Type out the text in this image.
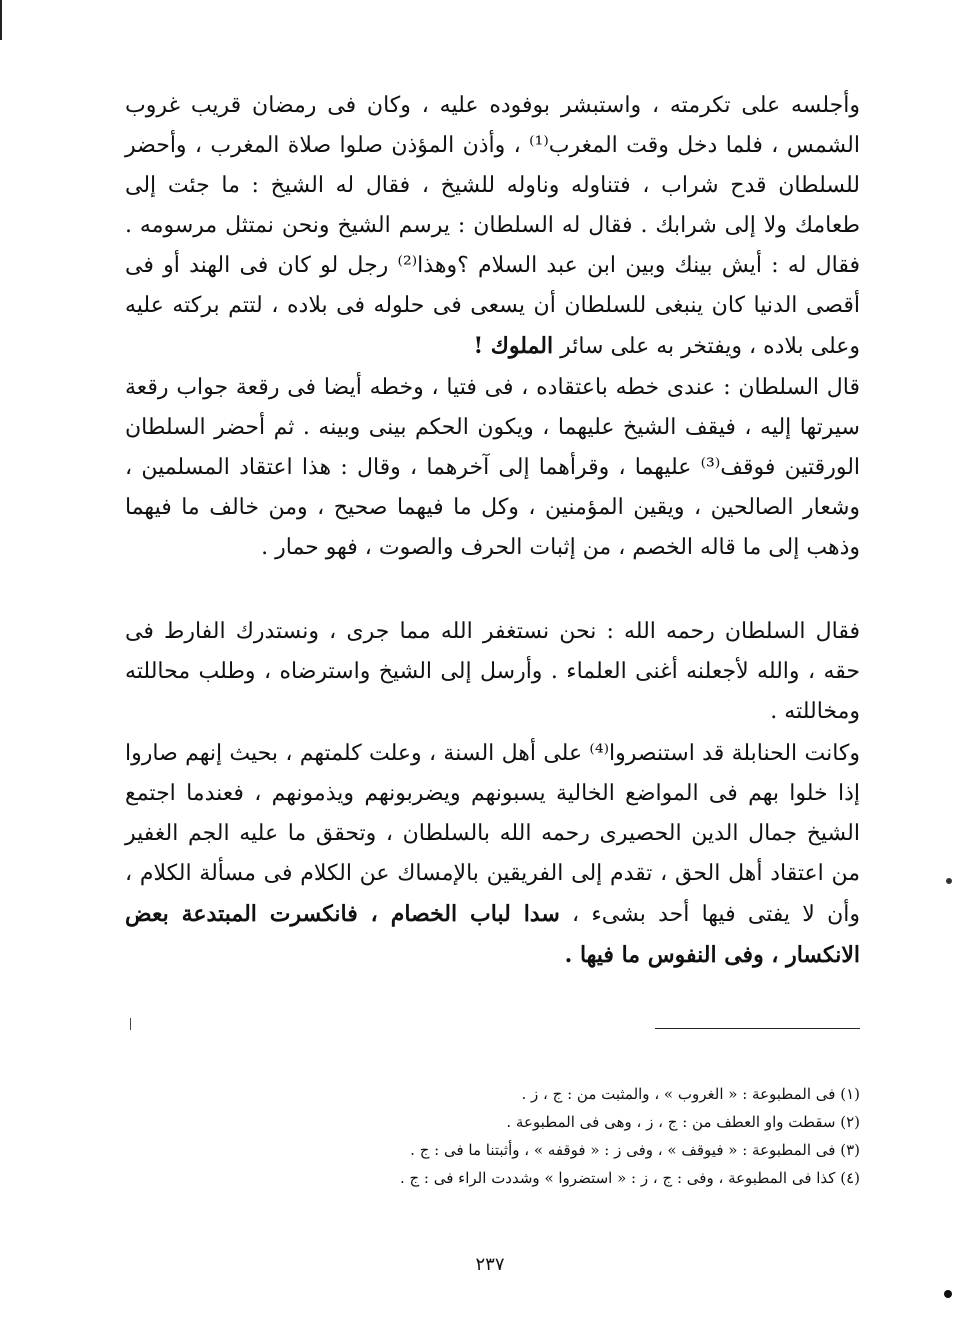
وأجلسه على تكرمته ، واستبشر بوفوده عليه ، وكان فى رمضان قريب غروب الشمس ، فلما دخل وقت المغرب⁽¹⁾ ، وأذن المؤذن صلوا صلاة المغرب ، وأحضر للسلطان قدح شراب ، فتناوله وناوله للشيخ ، فقال له الشيخ : ما جئت إلى طعامك ولا إلى شرابك . فقال له السلطان : يرسم الشيخ ونحن نمتثل مرسومه . فقال له : أيش بينك وبين ابن عبد السلام ؟وهذا⁽²⁾ رجل لو كان فى الهند أو فى أقصى الدنيا كان ينبغى للسلطان أن يسعى فى حلوله فى بلاده ، لتتم بركته عليه وعلى بلاده ، ويفتخر به على سائر الملوك !

قال السلطان : عندى خطه باعتقاده ، فى فتيا ، وخطه أيضا فى رقعة جواب رقعة سيرتها إليه ، فيقف الشيخ عليهما ، ويكون الحكم بينى وبينه . ثم أحضر السلطان الورقتين فوقف⁽³⁾ عليهما ، وقرأهما إلى آخرهما ، وقال : هذا اعتقاد المسلمين ، وشعار الصالحين ، ويقين المؤمنين ، وكل ما فيهما صحيح ، ومن خالف ما فيهما وذهب إلى ما قاله الخصم ، من إثبات الحرف والصوت ، فهو حمار .

فقال السلطان رحمه الله : نحن نستغفر الله مما جرى ، ونستدرك الفارط فى حقه ، والله لأجعلنه أغنى العلماء . وأرسل إلى الشيخ واسترضاه ، وطلب محاللته ومخاللته .

وكانت الحنابلة قد استنصروا⁽⁴⁾ على أهل السنة ، وعلت كلمتهم ، بحيث إنهم صاروا إذا خلوا بهم فى المواضع الخالية يسبونهم ويضربونهم ويذمونهم ، فعندما اجتمع الشيخ جمال الدين الحصيرى رحمه الله بالسلطان ، وتحقق ما عليه الجم الغفير من اعتقاد أهل الحق ، تقدم إلى الفريقين بالإمساك عن الكلام فى مسألة الكلام ، وأن لا يفتى فيها أحد بشىء ، سدا لباب الخصام ، فانكسرت المبتدعة بعض الانكسار ، وفى النفوس ما فيها .

(١) فى المطبوعة : « الغروب » ، والمثبت من : ج ، ز .
(٢) سقطت واو العطف من : ج ، ز ، وهى فى المطبوعة .
(٣) فى المطبوعة : « فيوقف » ، وفى ز : « فوقفه » ، وأثبتنا ما فى : ج .
(٤) كذا فى المطبوعة ، وفى : ج ، ز : « استضروا » وشددت الراء فى : ج .
٢٣٧
